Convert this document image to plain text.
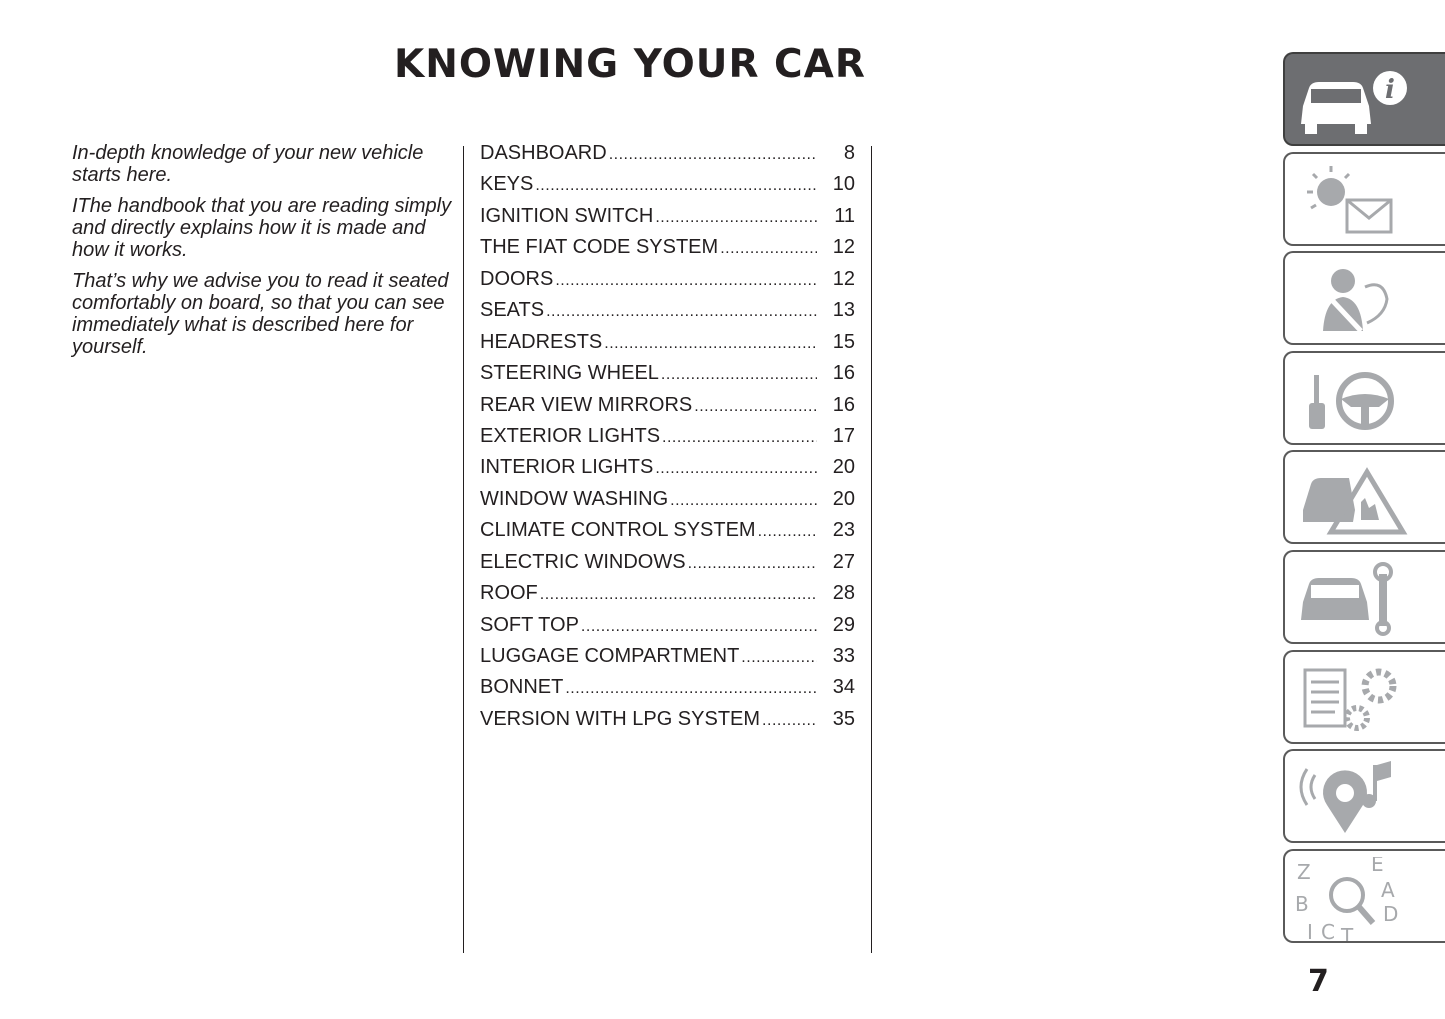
KNOWING YOUR CAR

In-depth knowledge of your new vehicle starts here.

IThe handbook that you are reading simply and directly explains how it is made and how it works.

That’s why we advise you to read it seated comfortably on board, so that you can see immediately what is described here for yourself.

DASHBOARD .....	8
KEYS .....	10
IGNITION SWITCH .....	11
THE FIAT CODE SYSTEM .....	12
DOORS .....	12
SEATS .....	13
HEADRESTS .....	15
STEERING WHEEL .....	16
REAR VIEW MIRRORS .....	16
EXTERIOR LIGHTS .....	17
INTERIOR LIGHTS .....	20
WINDOW WASHING .....	20
CLIMATE CONTROL SYSTEM .....	23
ELECTRIC WINDOWS .....	27
ROOF .....	28
SOFT TOP .....	29
LUGGAGE COMPARTMENT .....	33
BONNET .....	34
VERSION WITH LPG SYSTEM .....	35
i
Z	E
A
B	D
I C T
7
